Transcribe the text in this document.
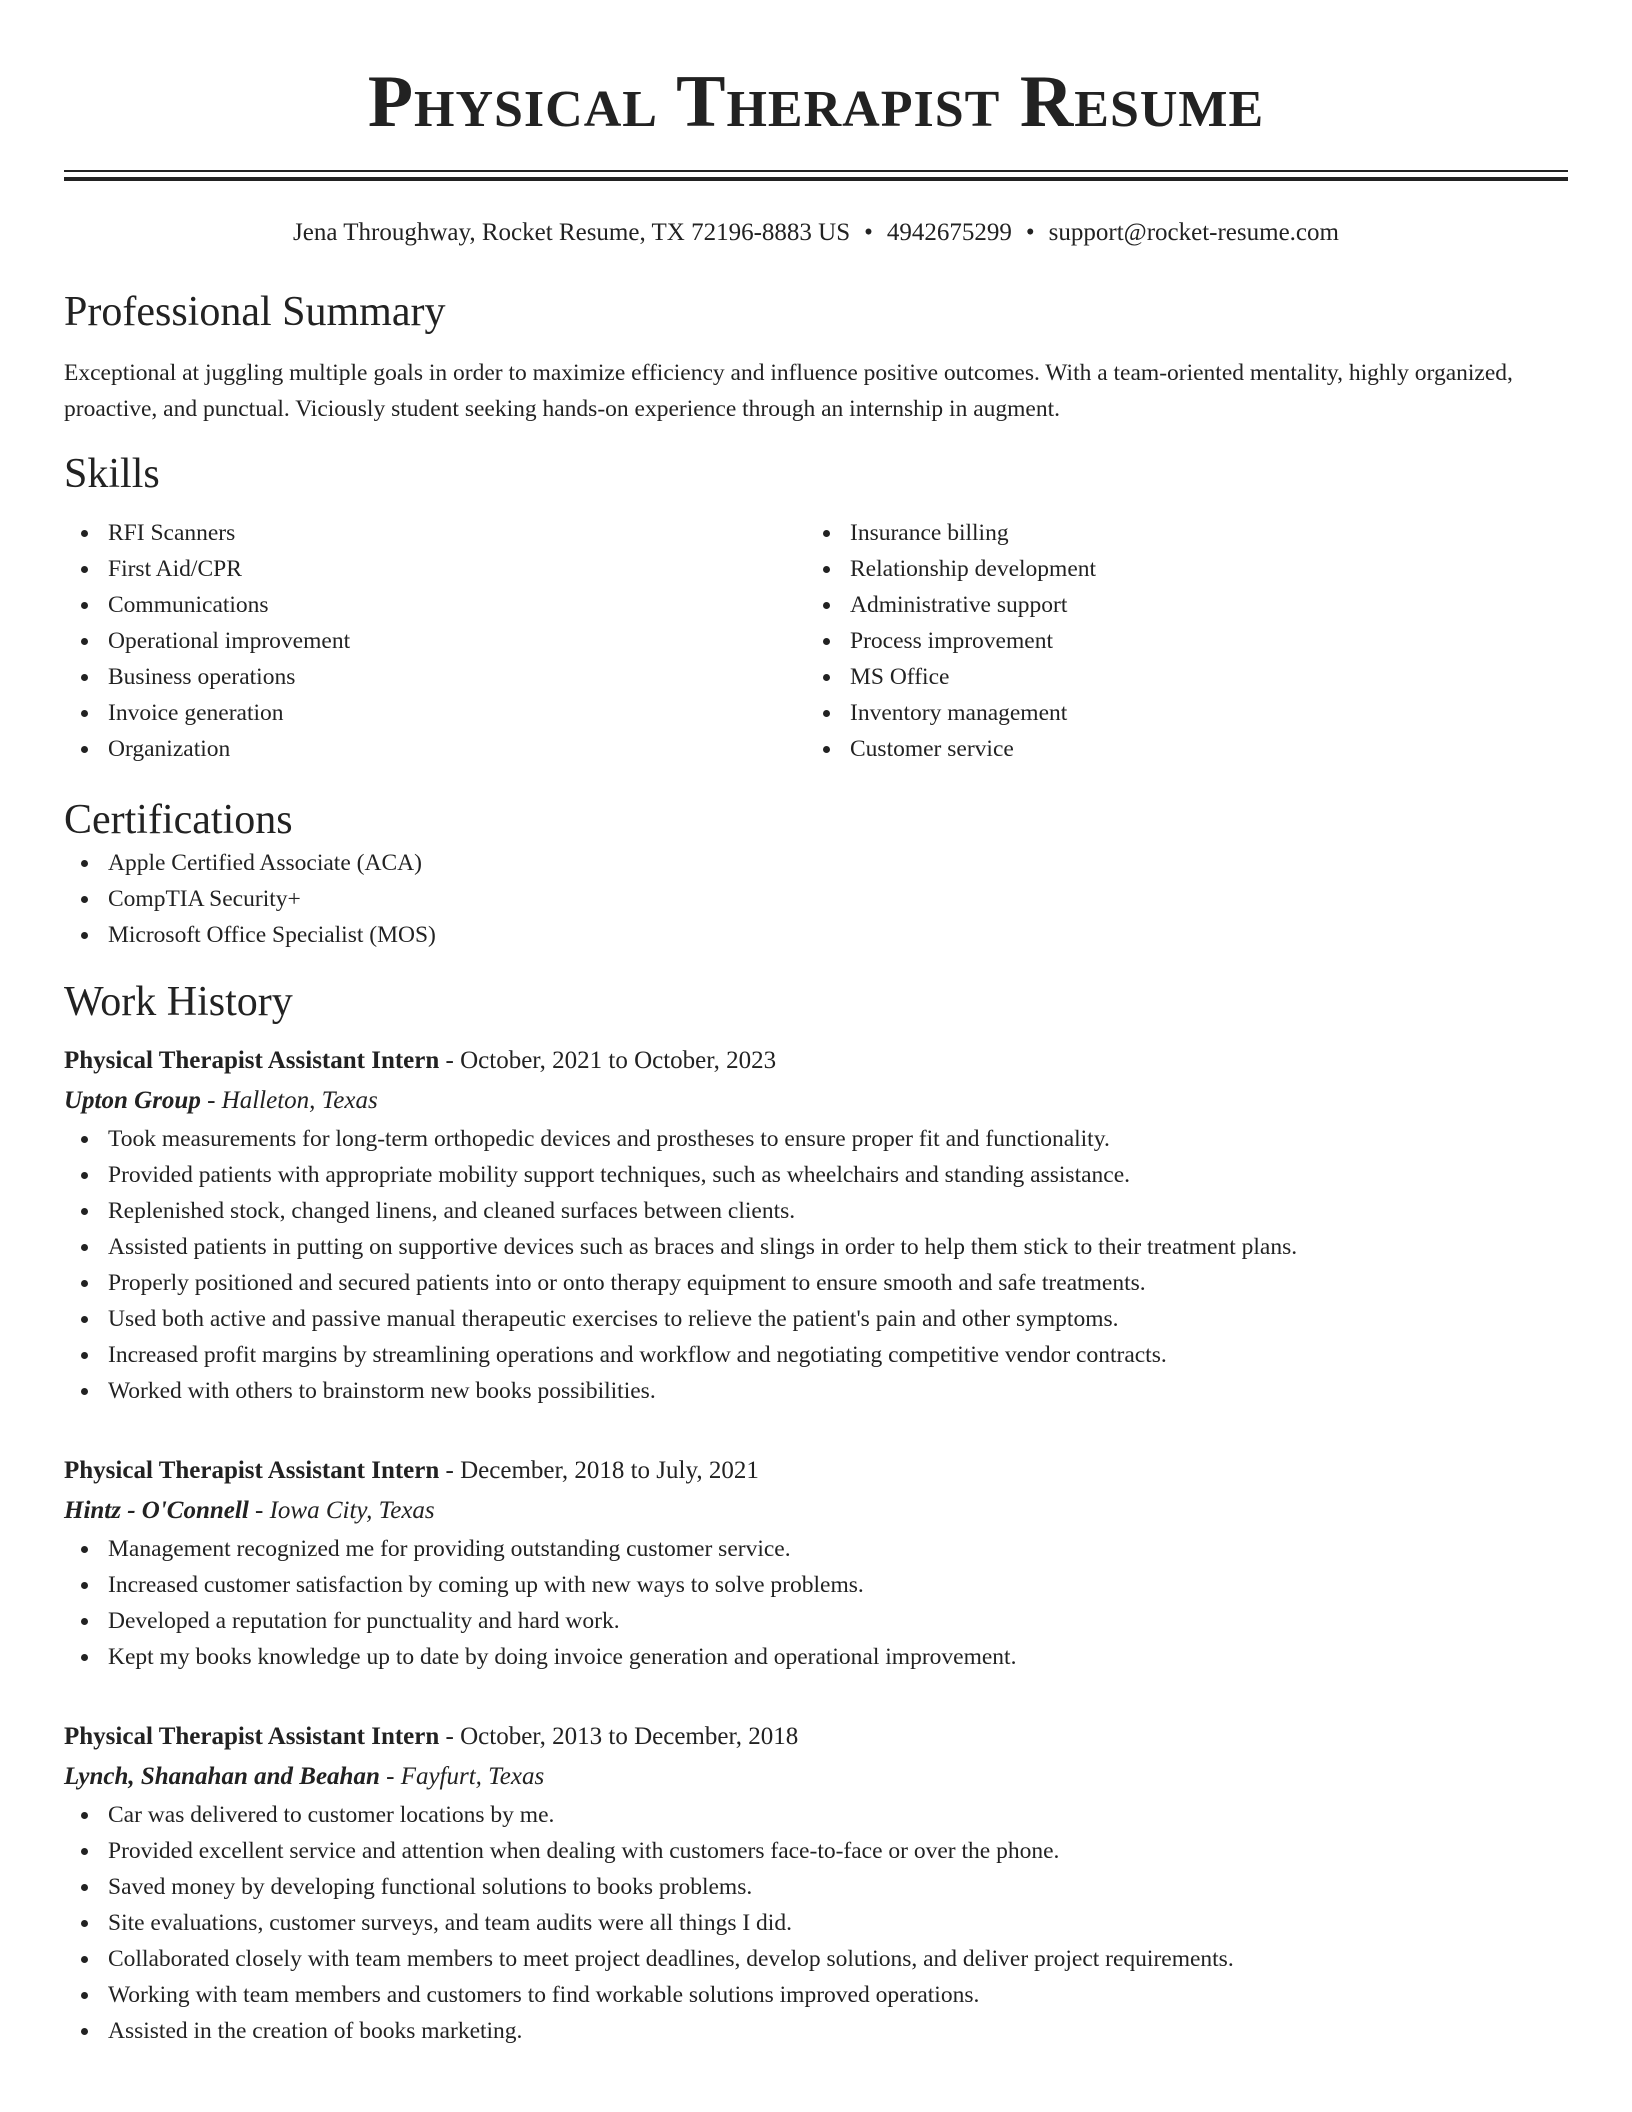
Physical Therapist Resume
Jena Throughway, Rocket Resume, TX 72196-8883 US • 4942675299 • support@rocket-resume.com
Professional Summary

Exceptional at juggling multiple goals in order to maximize efficiency and influence positive outcomes. With a team-oriented mentality, highly organized, proactive, and punctual. Viciously student seeking hands-on experience through an internship in augment.

Skills
RFI Scanners
First Aid/CPR
Communications
Operational improvement
Business operations
Invoice generation
Organization
Insurance billing
Relationship development
Administrative support
Process improvement
MS Office
Inventory management
Customer service
Certifications
Apple Certified Associate (ACA)
CompTIA Security+
Microsoft Office Specialist (MOS)
Work History
Physical Therapist Assistant Intern - October, 2021 to October, 2023
Upton Group - Halleton, Texas
Took measurements for long-term orthopedic devices and prostheses to ensure proper fit and functionality.
Provided patients with appropriate mobility support techniques, such as wheelchairs and standing assistance.
Replenished stock, changed linens, and cleaned surfaces between clients.
Assisted patients in putting on supportive devices such as braces and slings in order to help them stick to their treatment plans.
Properly positioned and secured patients into or onto therapy equipment to ensure smooth and safe treatments.
Used both active and passive manual therapeutic exercises to relieve the patient's pain and other symptoms.
Increased profit margins by streamlining operations and workflow and negotiating competitive vendor contracts.
Worked with others to brainstorm new books possibilities.
Physical Therapist Assistant Intern - December, 2018 to July, 2021
Hintz - O'Connell - Iowa City, Texas
Management recognized me for providing outstanding customer service.
Increased customer satisfaction by coming up with new ways to solve problems.
Developed a reputation for punctuality and hard work.
Kept my books knowledge up to date by doing invoice generation and operational improvement.
Physical Therapist Assistant Intern - October, 2013 to December, 2018
Lynch, Shanahan and Beahan - Fayfurt, Texas
Car was delivered to customer locations by me.
Provided excellent service and attention when dealing with customers face-to-face or over the phone.
Saved money by developing functional solutions to books problems.
Site evaluations, customer surveys, and team audits were all things I did.
Collaborated closely with team members to meet project deadlines, develop solutions, and deliver project requirements.
Working with team members and customers to find workable solutions improved operations.
Assisted in the creation of books marketing.
